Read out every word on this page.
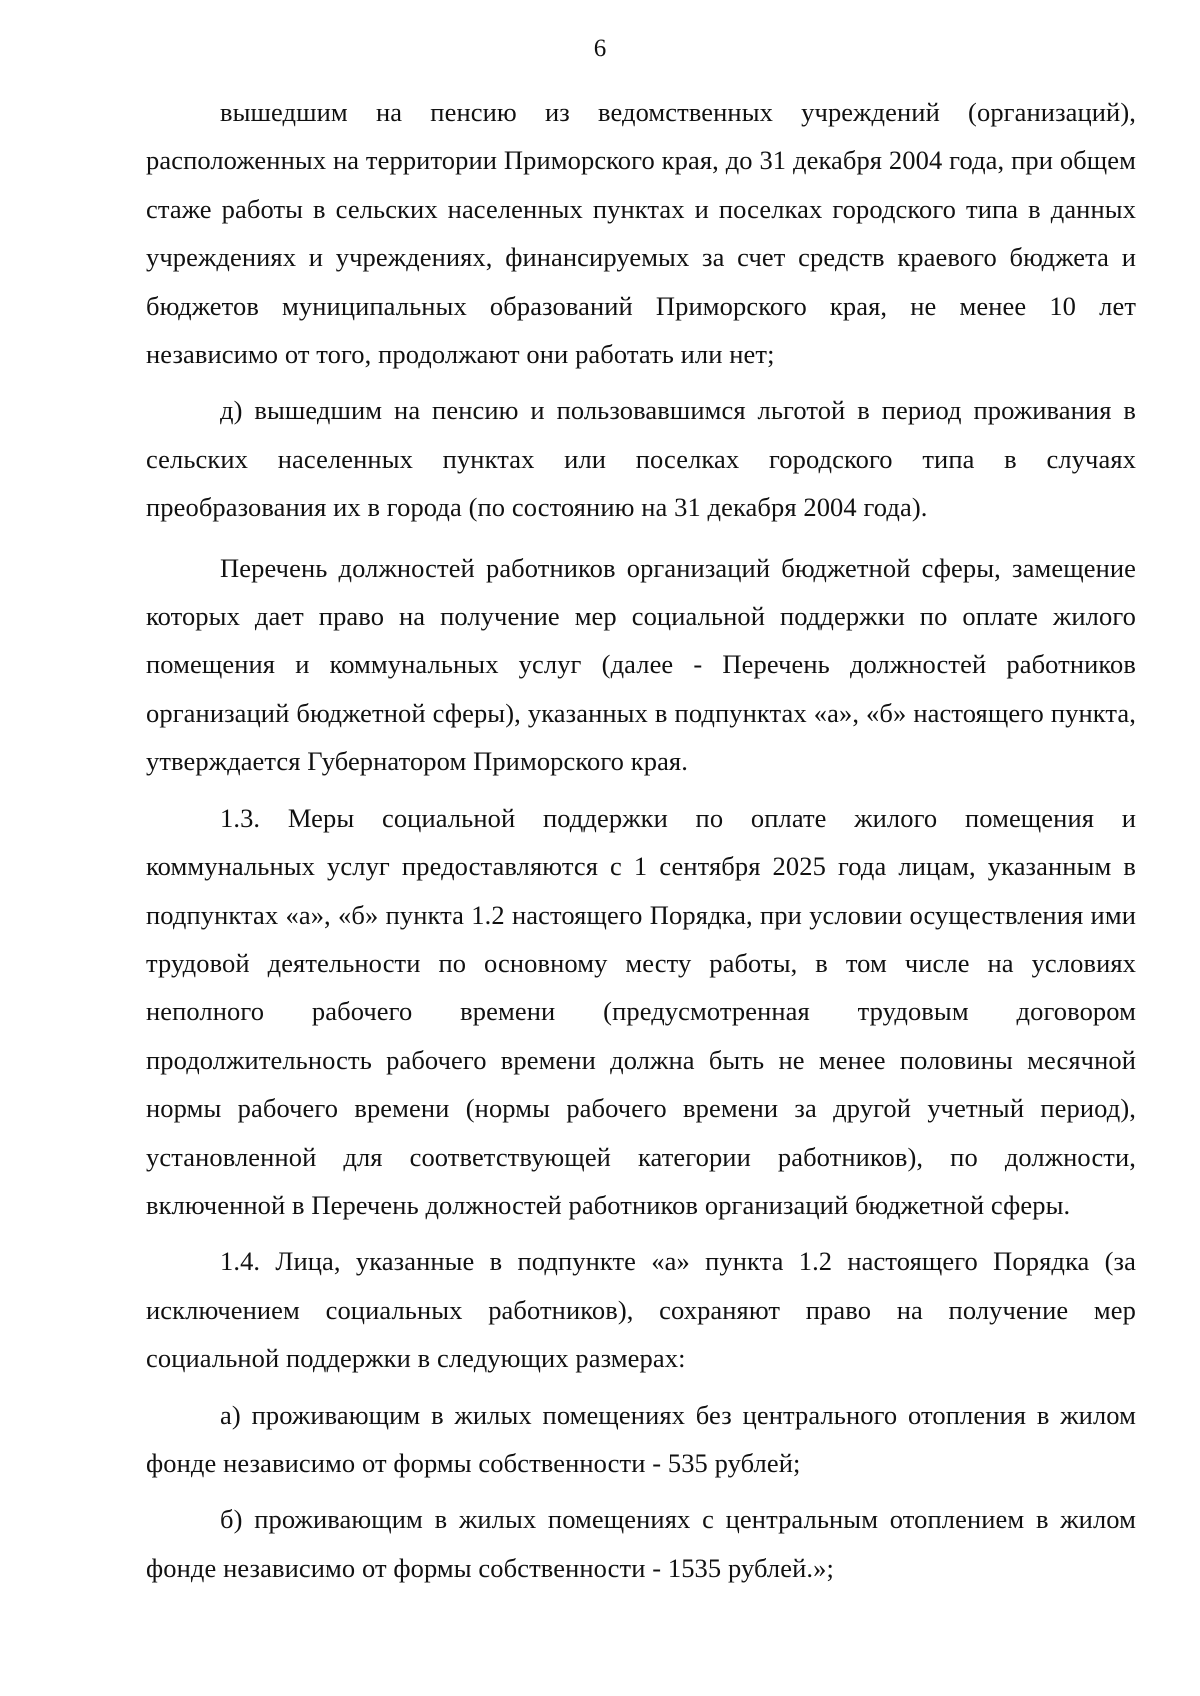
6

вышедшим на пенсию из ведомственных учреждений (организаций), расположенных на территории Приморского края, до 31 декабря 2004 года, при общем стаже работы в сельских населенных пунктах и поселках городского типа в данных учреждениях и учреждениях, финансируемых за счет средств краевого бюджета и бюджетов муниципальных образований Приморского края, не менее 10 лет независимо от того, продолжают они работать или нет;

д) вышедшим на пенсию и пользовавшимся льготой в период проживания в сельских населенных пунктах или поселках городского типа в случаях преобразования их в города (по состоянию на 31 декабря 2004 года).

Перечень должностей работников организаций бюджетной сферы, замещение которых дает право на получение мер социальной поддержки по оплате жилого помещения и коммунальных услуг (далее - Перечень должностей работников организаций бюджетной сферы), указанных в подпунктах «а», «б» настоящего пункта, утверждается Губернатором Приморского края.

1.3. Меры социальной поддержки по оплате жилого помещения и коммунальных услуг предоставляются с 1 сентября 2025 года лицам, указанным в подпунктах «а», «б» пункта 1.2 настоящего Порядка, при условии осуществления ими трудовой деятельности по основному месту работы, в том числе на условиях неполного рабочего времени (предусмотренная трудовым договором продолжительность рабочего времени должна быть не менее половины месячной нормы рабочего времени (нормы рабочего времени за другой учетный период), установленной для соответствующей категории работников), по должности, включенной в Перечень должностей работников организаций бюджетной сферы.

1.4. Лица, указанные в подпункте «а» пункта 1.2 настоящего Порядка (за исключением социальных работников), сохраняют право на получение мер социальной поддержки в следующих размерах:

а) проживающим в жилых помещениях без центрального отопления в жилом фонде независимо от формы собственности - 535 рублей;

б) проживающим в жилых помещениях с центральным отоплением в жилом фонде независимо от формы собственности - 1535 рублей.»;
